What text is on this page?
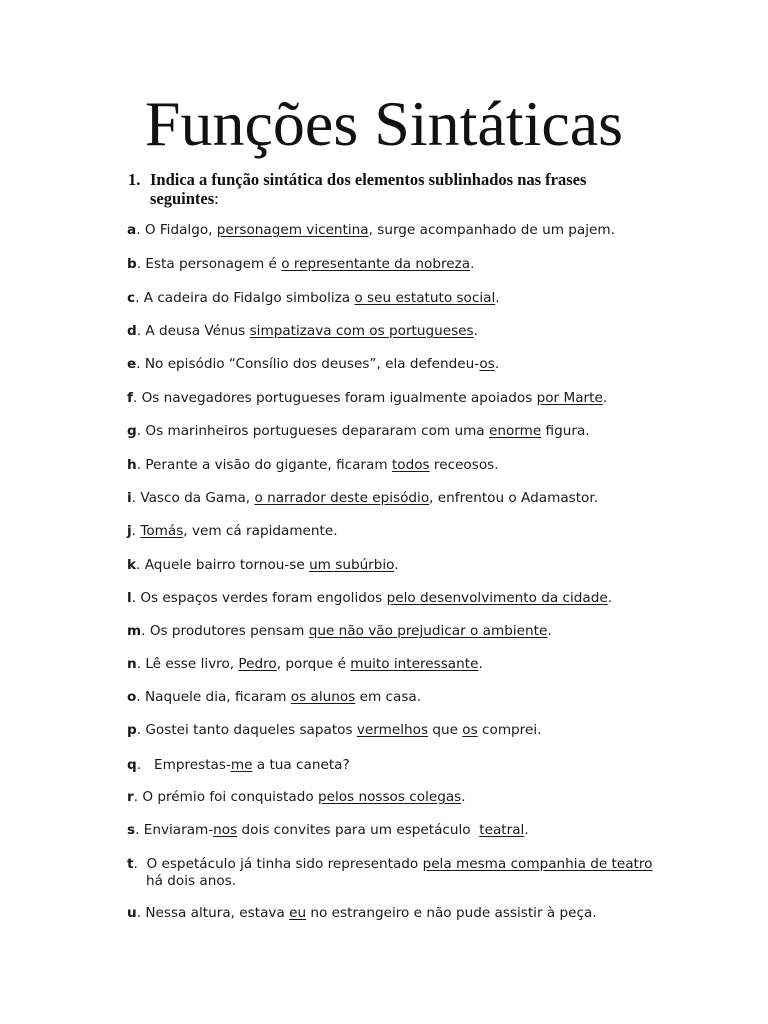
Funções Sintáticas
1. Indica a função sintática dos elementos sublinhados nas frases seguintes:
a. O Fidalgo, personagem vicentina, surge acompanhado de um pajem.
b. Esta personagem é o representante da nobreza.
c. A cadeira do Fidalgo simboliza o seu estatuto social.
d. A deusa Vénus simpatizava com os portugueses.
e. No episódio “Consílio dos deuses”, ela defendeu-os.
f. Os navegadores portugueses foram igualmente apoiados por Marte.
g. Os marinheiros portugueses depararam com uma enorme figura.
h. Perante a visão do gigante, ficaram todos receosos.
i. Vasco da Gama, o narrador deste episódio, enfrentou o Adamastor.
j. Tomás, vem cá rapidamente.
k. Aquele bairro tornou-se um subúrbio.
l. Os espaços verdes foram engolidos pelo desenvolvimento da cidade.
m. Os produtores pensam que não vão prejudicar o ambiente.
n. Lê esse livro, Pedro, porque é muito interessante.
o. Naquele dia, ficaram os alunos em casa.
p. Gostei tanto daqueles sapatos vermelhos que os comprei.
q.   Emprestas-me a tua caneta?
r. O prémio foi conquistado pelos nossos colegas.
s. Enviaram-nos dois convites para um espetáculo  teatral.
t.  O espetáculo já tinha sido representado pela mesma companhia de teatro
há dois anos.
u. Nessa altura, estava eu no estrangeiro e não pude assistir à peça.
